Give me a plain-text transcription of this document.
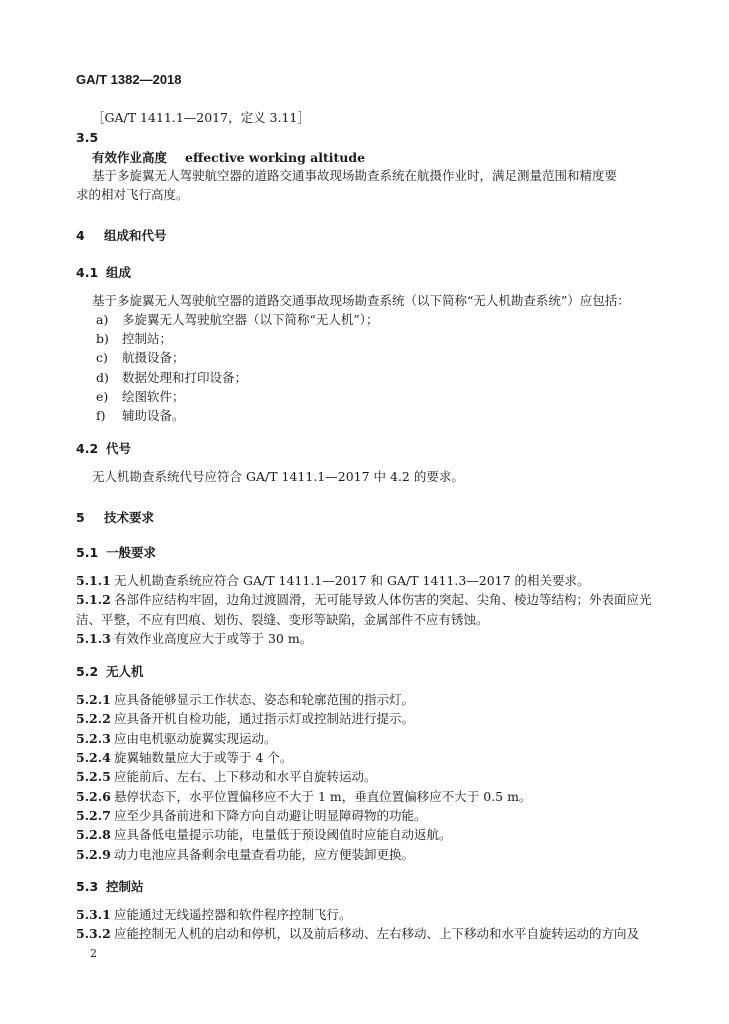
GA/T 1382—2018
［GA/T 1411.1—2017，定义 3.11］
3.5
有效作业高度 effective working altitude
基于多旋翼无人驾驶航空器的道路交通事故现场勘查系统在航摄作业时，满足测量范围和精度要
求的相对飞行高度。
4 组成和代号
4.1 组成
基于多旋翼无人驾驶航空器的道路交通事故现场勘查系统（以下简称“无人机勘查系统”）应包括：
a) 多旋翼无人驾驶航空器（以下简称“无人机”）；
b) 控制站；
c) 航摄设备；
d) 数据处理和打印设备；
e) 绘图软件；
f) 辅助设备。
4.2 代号
无人机勘查系统代号应符合 GA/T 1411.1—2017 中 4.2 的要求。
5 技术要求
5.1 一般要求
5.1.1 无人机勘查系统应符合 GA/T 1411.1—2017 和 GA/T 1411.3—2017 的相关要求。
5.1.2 各部件应结构牢固，边角过渡圆滑，无可能导致人体伤害的突起、尖角、棱边等结构；外表面应光
洁、平整，不应有凹痕、划伤、裂缝、变形等缺陷，金属部件不应有锈蚀。
5.1.3 有效作业高度应大于或等于 30 m。
5.2 无人机
5.2.1 应具备能够显示工作状态、姿态和轮廓范围的指示灯。
5.2.2 应具备开机自检功能，通过指示灯或控制站进行提示。
5.2.3 应由电机驱动旋翼实现运动。
5.2.4 旋翼轴数量应大于或等于 4 个。
5.2.5 应能前后、左右、上下移动和水平自旋转运动。
5.2.6 悬停状态下，水平位置偏移应不大于 1 m，垂直位置偏移应不大于 0.5 m。
5.2.7 应至少具备前进和下降方向自动避让明显障碍物的功能。
5.2.8 应具备低电量提示功能，电量低于预设阈值时应能自动返航。
5.2.9 动力电池应具备剩余电量查看功能，应方便装卸更换。
5.3 控制站
5.3.1 应能通过无线遥控器和软件程序控制飞行。
5.3.2 应能控制无人机的启动和停机，以及前后移动、左右移动、上下移动和水平自旋转运动的方向及
2
